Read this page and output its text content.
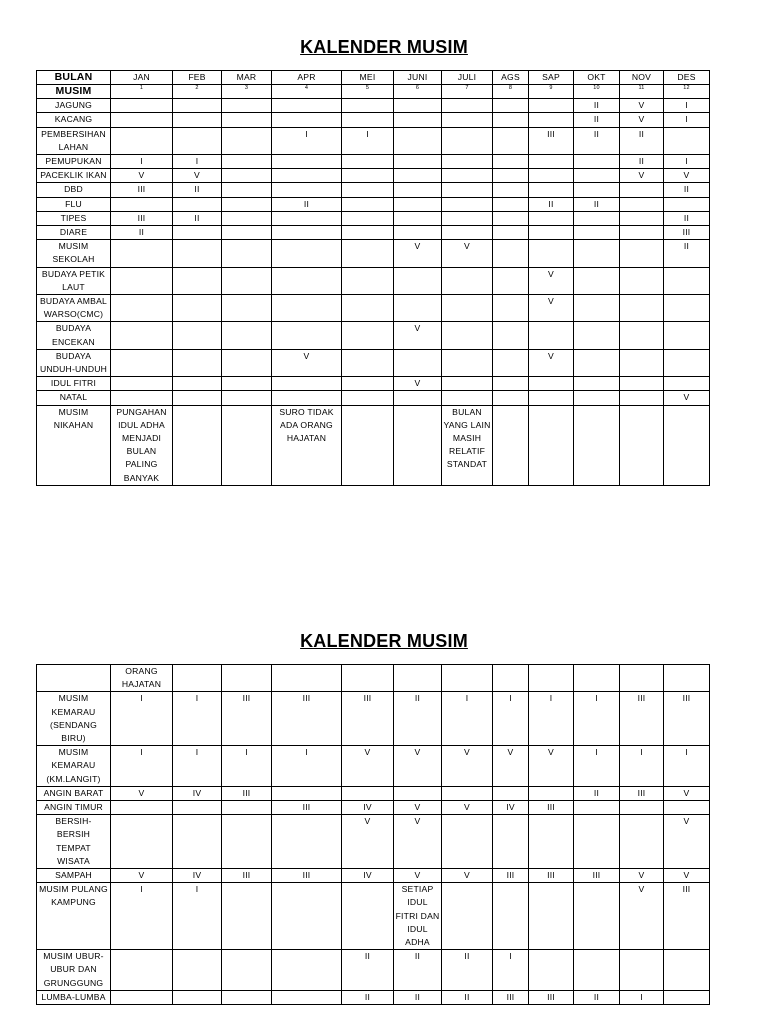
KALENDER MUSIM
BULAN	JAN	FEB	MAR	APR	MEI	JUNI	JULI	AGS	SAP	OKT	NOV	DES
MUSIM	1	2	3	4	5	6	7	8	9	10	11	12
JAGUNG										II	V	I
KACANG										II	V	I
PEMBERSIHAN LAHAN				I	I				III	II	II	
PEMUPUKAN	I	I									II	I
PACEKLIK IKAN	V	V									V	V
DBD	III	II										II
FLU				II					II	II		
TIPES	III	II										II
DIARE	II											III
MUSIM SEKOLAH						V	V					II
BUDAYA PETIK LAUT									V			
BUDAYA AMBAL WARSO(CMC)									V			
BUDAYA ENCEKAN						V						
BUDAYA UNDUH-UNDUH				V					V			
IDUL FITRI						V						
NATAL												V
MUSIM NIKAHAN	PUNGAHAN IDUL ADHA MENJADI BULAN PALING BANYAK			SURO TIDAK ADA ORANG HAJATAN			BULAN YANG LAIN MASIH RELATIF STANDAT					
KALENDER MUSIM
	ORANG HAJATAN											
MUSIM KEMARAU (SENDANG BIRU)	I	I	III	III	III	II	I	I	I	I	III	III
MUSIM KEMARAU (KM.LANGIT)	I	I	I	I	V	V	V	V	V	I	I	I
ANGIN BARAT	V	IV	III							II	III	V
ANGIN TIMUR				III	IV	V	V	IV	III			
BERSIH-BERSIH TEMPAT WISATA					V	V						V
SAMPAH	V	IV	III	III	IV	V	V	III	III	III	V	V
MUSIM PULANG KAMPUNG	I	I				SETIAP IDUL FITRI DAN IDUL ADHA					V	III
MUSIM UBUR-UBUR DAN GRUNGGUNG					II	II	II	I				
LUMBA-LUMBA					II	II	II	III	III	II	I	
